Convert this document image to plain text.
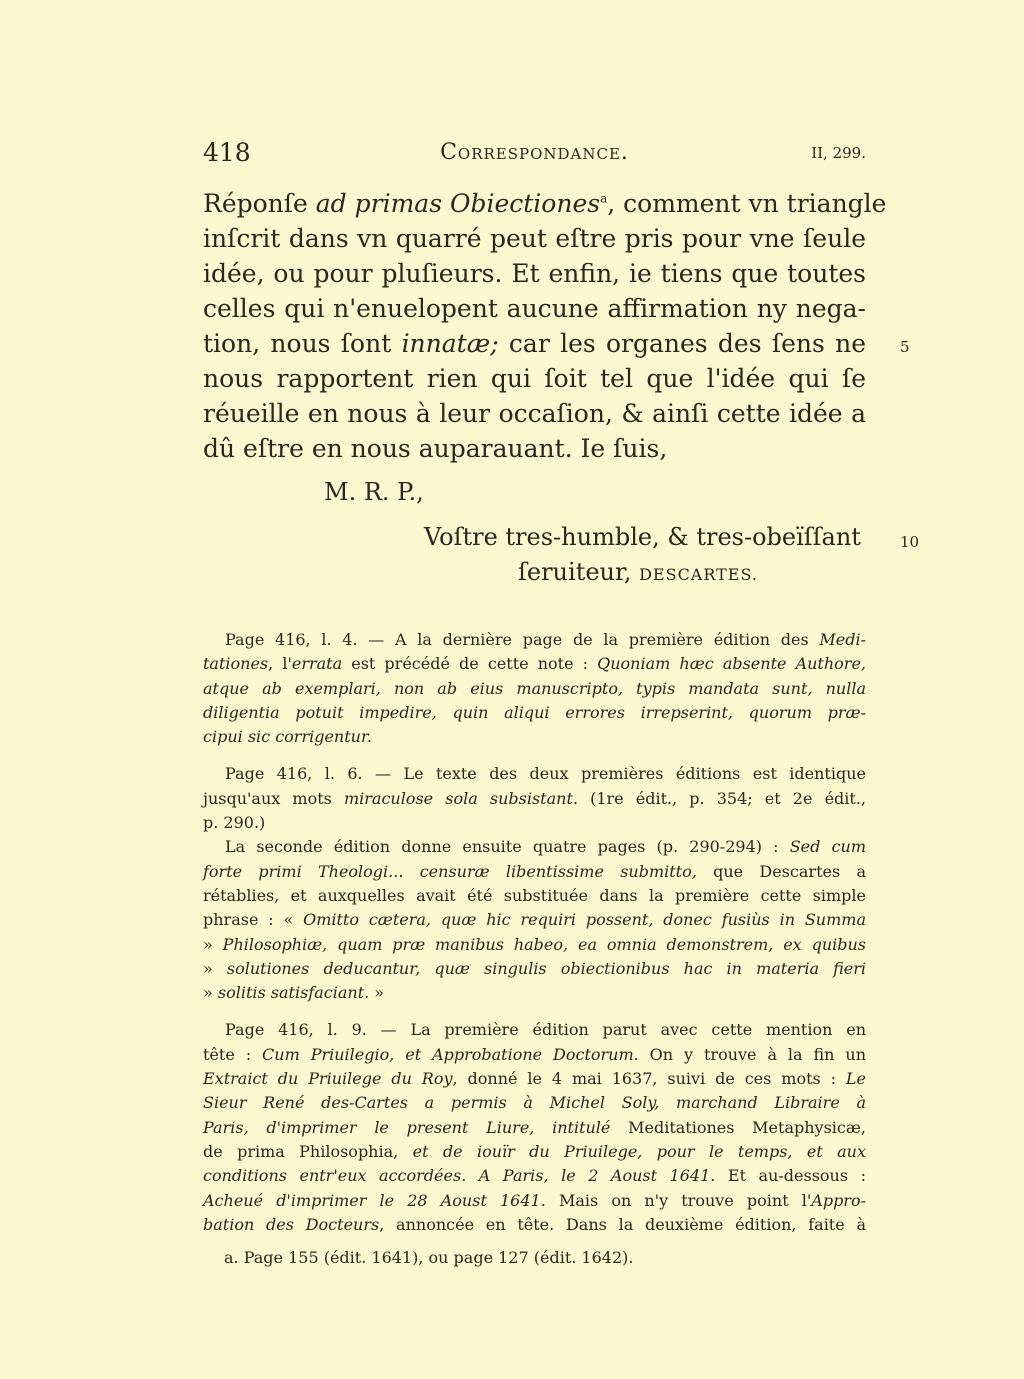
418	Correspondance.	II, 299.
Réponſe ad primas Obiectiones$^a$, comment vn triangle
inſcrit dans vn quarré peut eſtre pris pour vne ſeule
idée, ou pour pluſieurs. Et enfin, ie tiens que toutes
celles qui n'enuelopent aucune affirmation ny nega-
tion, nous ſont innatæ; car les organes des ſens ne
nous rapportent rien qui ſoit tel que l'idée qui ſe
réueille en nous à leur occaſion, & ainſi cette idée a
dû eſtre en nous auparauant. Ie ſuis,
5
10
M. R. P.,
Voſtre tres-humble, & tres-obeïſſant
ſeruiteur, DESCARTES.
Page 416, l. 4. — A la dernière page de la première édition des Medi-
tationes, l'errata est précédé de cette note : Quoniam hæc absente Authore,
atque ab exemplari, non ab eius manuscripto, typis mandata sunt, nulla
diligentia potuit impedire, quin aliqui errores irrepserint, quorum præ-
cipui sic corrigentur.
Page 416, l. 6. — Le texte des deux premières éditions est identique
jusqu'aux mots miraculose sola subsistant. (1re édit., p. 354; et 2e édit.,
p. 290.)
La seconde édition donne ensuite quatre pages (p. 290-294) : Sed cum
forte primi Theologi... censuræ libentissime submitto, que Descartes a
rétablies, et auxquelles avait été substituée dans la première cette simple
phrase : « Omitto cætera, quæ hic requiri possent, donec fusiùs in Summa
» Philosophiæ, quam præ manibus habeo, ea omnia demonstrem, ex quibus
» solutiones deducantur, quæ singulis obiectionibus hac in materia fieri
» solitis satisfaciant. »
Page 416, l. 9. — La première édition parut avec cette mention en
tête : Cum Priuilegio, et Approbatione Doctorum. On y trouve à la fin un
Extraict du Priuilege du Roy, donné le 4 mai 1637, suivi de ces mots : Le
Sieur René des-Cartes a permis à Michel Soly, marchand Libraire à
Paris, d'imprimer le present Liure, intitulé Meditationes Metaphysicæ,
de prima Philosophia, et de iouïr du Priuilege, pour le temps, et aux
conditions entr'eux accordées. A Paris, le 2 Aoust 1641. Et au-dessous :
Acheué d'imprimer le 28 Aoust 1641. Mais on n'y trouve point l'Appro-
bation des Docteurs, annoncée en tête. Dans la deuxième édition, faite à
a. Page 155 (édit. 1641), ou page 127 (édit. 1642).
